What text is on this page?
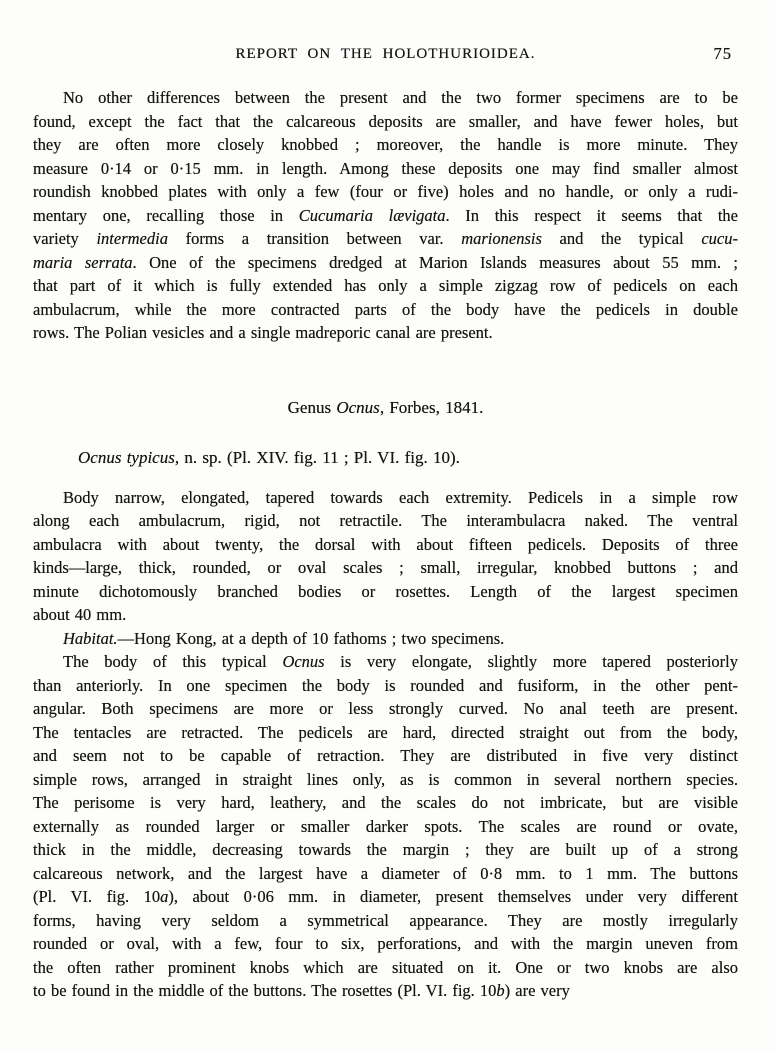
REPORT ON THE HOLOTHURIOIDEA.	75
No other differences between the present and the two former specimens are to be
found, except the fact that the calcareous deposits are smaller, and have fewer holes, but
they are often more closely knobbed ; moreover, the handle is more minute. They
measure 0·14 or 0·15 mm. in length. Among these deposits one may find smaller almost
roundish knobbed plates with only a few (four or five) holes and no handle, or only a rudi-
mentary one, recalling those in Cucumaria lævigata. In this respect it seems that the
variety intermedia forms a transition between var. marionensis and the typical cucu-
maria serrata. One of the specimens dredged at Marion Islands measures about 55 mm. ;
that part of it which is fully extended has only a simple zigzag row of pedicels on each
ambulacrum, while the more contracted parts of the body have the pedicels in double
rows. The Polian vesicles and a single madreporic canal are present.
Genus Ocnus, Forbes, 1841.
Ocnus typicus, n. sp. (Pl. XIV. fig. 11 ; Pl. VI. fig. 10).
Body narrow, elongated, tapered towards each extremity. Pedicels in a simple row
along each ambulacrum, rigid, not retractile. The interambulacra naked. The ventral
ambulacra with about twenty, the dorsal with about fifteen pedicels. Deposits of three
kinds—large, thick, rounded, or oval scales ; small, irregular, knobbed buttons ; and
minute dichotomously branched bodies or rosettes. Length of the largest specimen
about 40 mm.
Habitat.—Hong Kong, at a depth of 10 fathoms ; two specimens.
The body of this typical Ocnus is very elongate, slightly more tapered posteriorly
than anteriorly. In one specimen the body is rounded and fusiform, in the other pent-
angular. Both specimens are more or less strongly curved. No anal teeth are present.
The tentacles are retracted. The pedicels are hard, directed straight out from the body,
and seem not to be capable of retraction. They are distributed in five very distinct
simple rows, arranged in straight lines only, as is common in several northern species.
The perisome is very hard, leathery, and the scales do not imbricate, but are visible
externally as rounded larger or smaller darker spots. The scales are round or ovate,
thick in the middle, decreasing towards the margin ; they are built up of a strong
calcareous network, and the largest have a diameter of 0·8 mm. to 1 mm. The buttons
(Pl. VI. fig. 10a), about 0·06 mm. in diameter, present themselves under very different
forms, having very seldom a symmetrical appearance. They are mostly irregularly
rounded or oval, with a few, four to six, perforations, and with the margin uneven from
the often rather prominent knobs which are situated on it. One or two knobs are also
to be found in the middle of the buttons. The rosettes (Pl. VI. fig. 10b) are very
